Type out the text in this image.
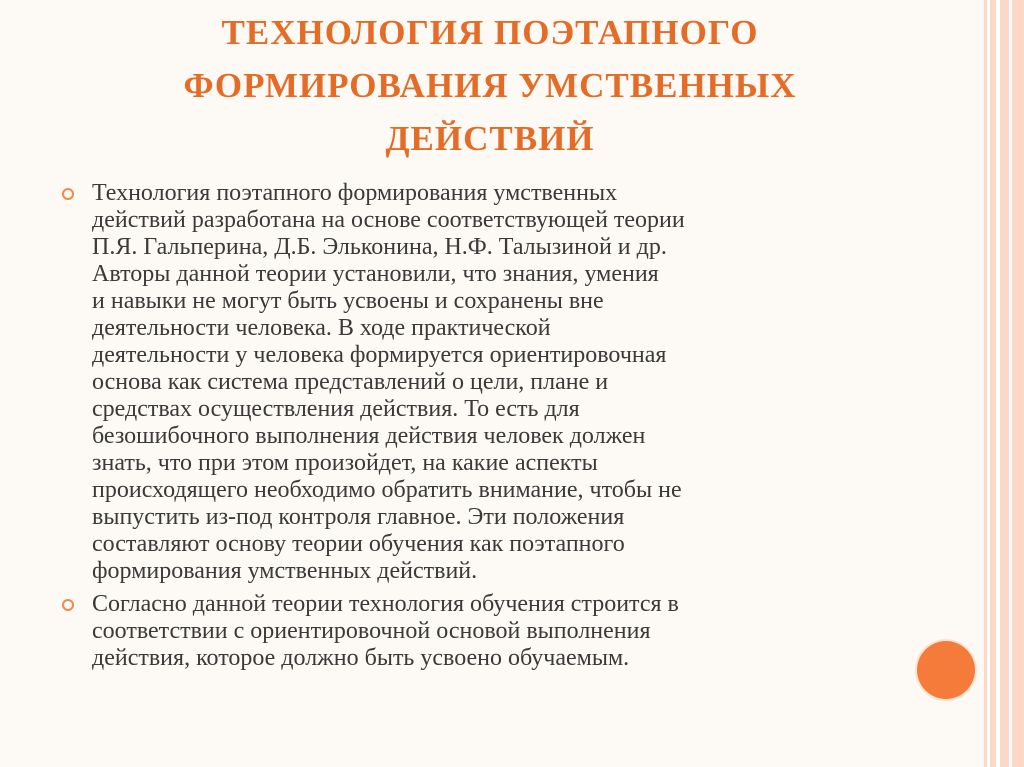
ТЕХНОЛОГИЯ ПОЭТАПНОГО
ФОРМИРОВАНИЯ УМСТВЕННЫХ
ДЕЙСТВИЙ
Технология поэтапного формирования умственных
действий разработана на основе соответствующей теории
П.Я. Гальперина, Д.Б. Эльконина, Н.Ф. Талызиной и др.
Авторы данной теории установили, что знания, умения
и навыки не могут быть усвоены и сохранены вне
деятельности человека. В ходе практической
деятельности у человека формируется ориентировочная
основа как система представлений о цели, плане и
средствах осуществления действия. То есть для
безошибочного выполнения действия человек должен
знать, что при этом произойдет, на какие аспекты
происходящего необходимо обратить внимание, чтобы не
выпустить из-под контроля главное. Эти положения
составляют основу теории обучения как поэтапного
формирования умственных действий.
Согласно данной теории технология обучения строится в
соответствии с ориентировочной основой выполнения
действия, которое должно быть усвоено обучаемым.
